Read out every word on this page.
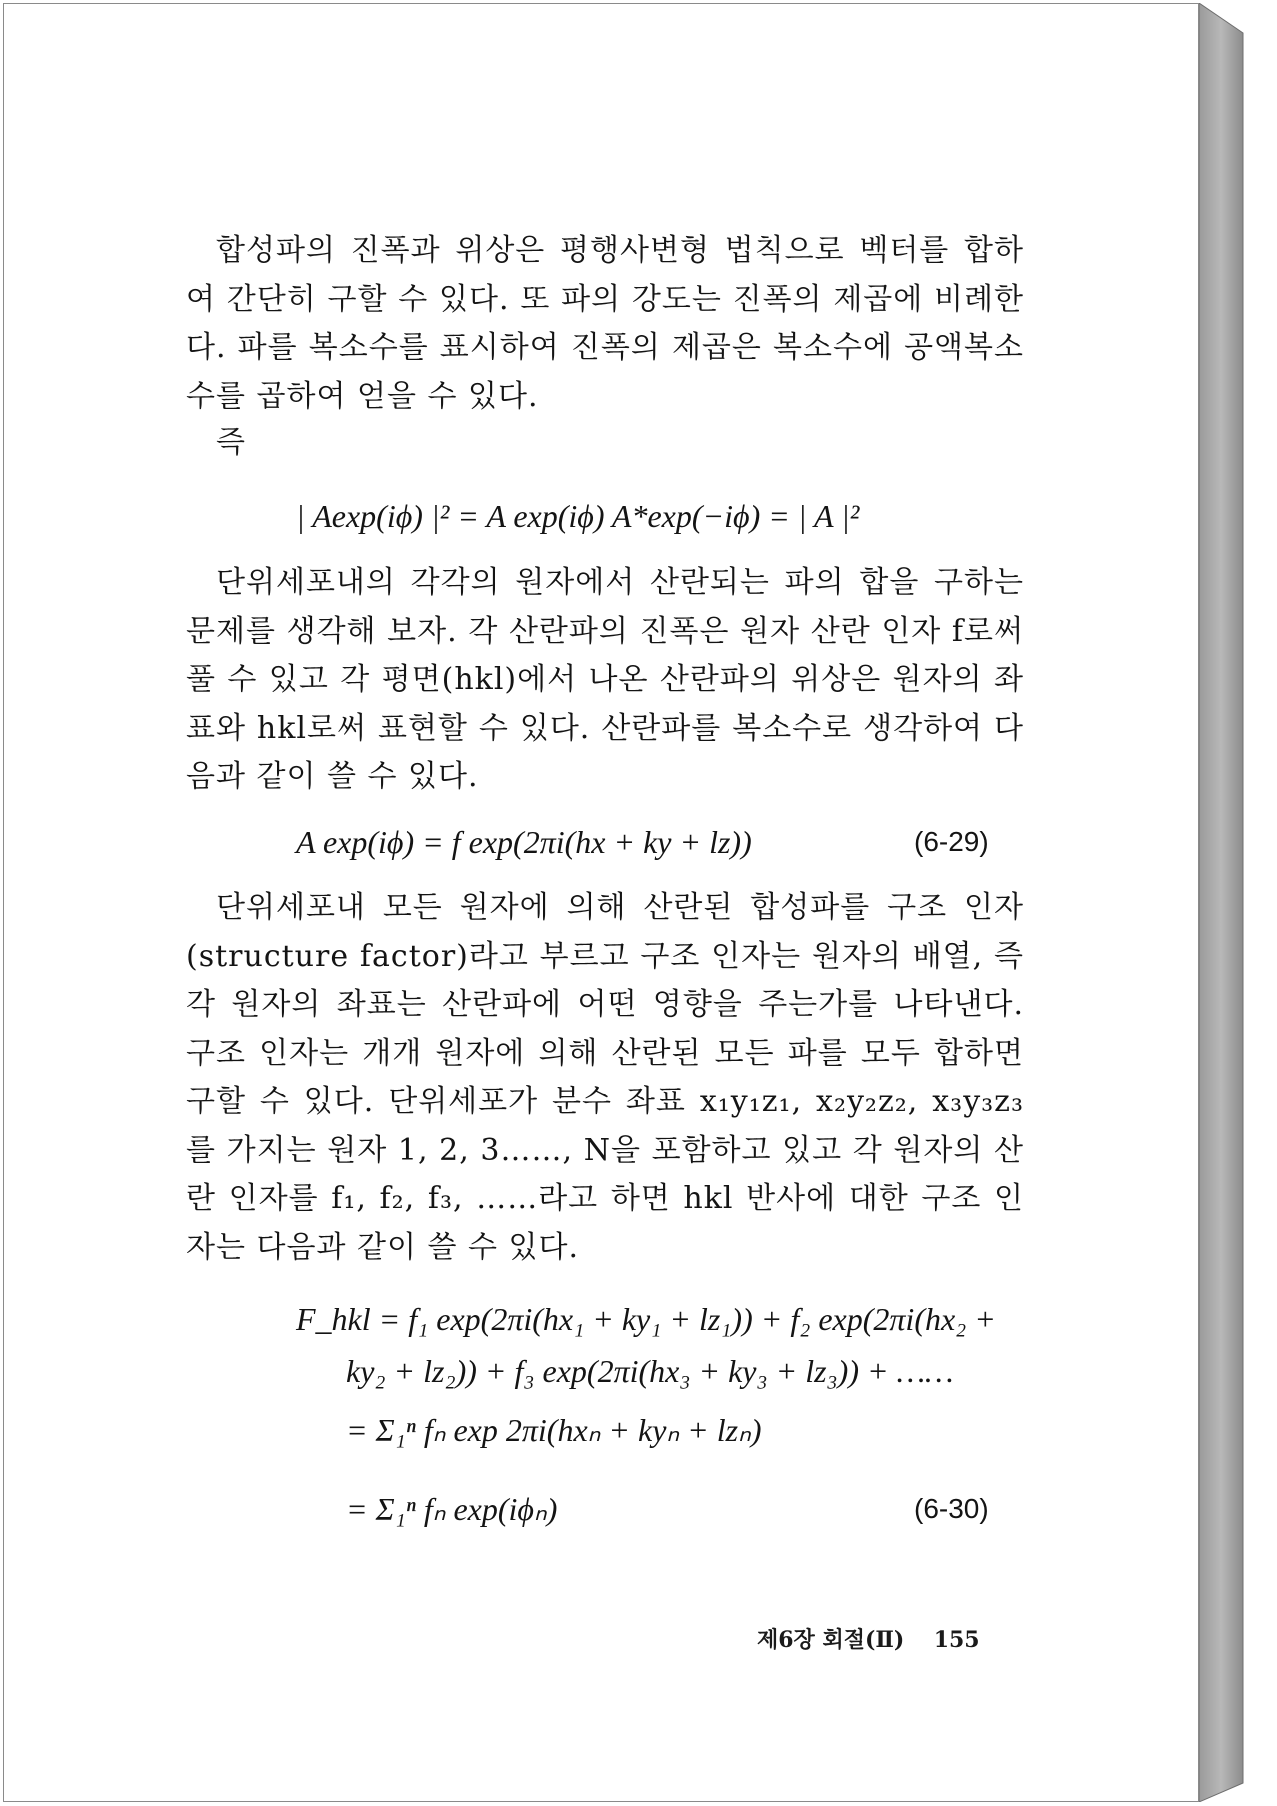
합성파의 진폭과 위상은 평행사변형 법칙으로 벡터를 합하여 간단히 구할 수 있다. 또 파의 강도는 진폭의 제곱에 비례한다. 파를 복소수를 표시하여 진폭의 제곱은 복소수에 공액복소수를 곱하여 얻을 수 있다.

즉

| Aexp(iϕ) |² = A exp(iϕ) A*exp(−iϕ) = | A |²

단위세포내의 각각의 원자에서 산란되는 파의 합을 구하는 문제를 생각해 보자. 각 산란파의 진폭은 원자 산란 인자 f로써 풀 수 있고 각 평면(hkl)에서 나온 산란파의 위상은 원자의 좌표와 hkl로써 표현할 수 있다. 산란파를 복소수로 생각하여 다음과 같이 쓸 수 있다.

A exp(iϕ) = f exp(2πi(hx + ky + lz))	(6-29)

단위세포내 모든 원자에 의해 산란된 합성파를 구조 인자(structure factor)라고 부르고 구조 인자는 원자의 배열, 즉 각 원자의 좌표는 산란파에 어떤 영향을 주는가를 나타낸다. 구조 인자는 개개 원자에 의해 산란된 모든 파를 모두 합하면 구할 수 있다. 단위세포가 분수 좌표 x₁y₁z₁, x₂y₂z₂, x₃y₃z₃를 가지는 원자 1, 2, 3……, N을 포함하고 있고 각 원자의 산란 인자를 f₁, f₂, f₃, ……라고 하면 hkl 반사에 대한 구조 인자는 다음과 같이 쓸 수 있다.

F_hkl = f₁ exp(2πi(hx₁ + ky₁ + lz₁)) + f₂ exp(2πi(hx₂ +
ky₂ + lz₂)) + f₃ exp(2πi(hx₃ + ky₃ + lz₃)) + ……
= Σ₁ⁿ fₙ exp 2πi(hxₙ + kyₙ + lzₙ)
= Σ₁ⁿ fₙ exp(iϕₙ)	(6-30)
제6장 회절(Ⅱ) 155
